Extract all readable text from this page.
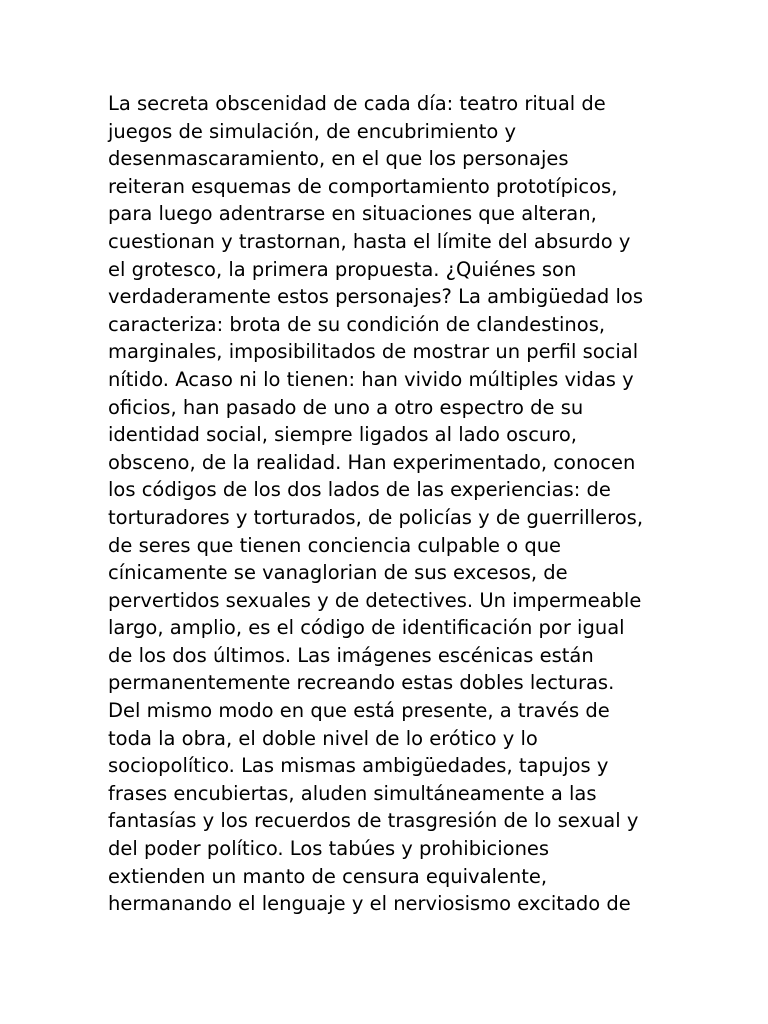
La secreta obscenidad de cada día: teatro ritual de
juegos de simulación, de encubrimiento y
desenmascaramiento, en el que los personajes
reiteran esquemas de comportamiento prototípicos,
para luego adentrarse en situaciones que alteran,
cuestionan y trastornan, hasta el límite del absurdo y
el grotesco, la primera propuesta. ¿Quiénes son
verdaderamente estos personajes? La ambigüedad los
caracteriza: brota de su condición de clandestinos,
marginales, imposibilitados de mostrar un perfil social
nítido. Acaso ni lo tienen: han vivido múltiples vidas y
oficios, han pasado de uno a otro espectro de su
identidad social, siempre ligados al lado oscuro,
obsceno, de la realidad. Han experimentado, conocen
los códigos de los dos lados de las experiencias: de
torturadores y torturados, de policías y de guerrilleros,
de seres que tienen conciencia culpable o que
cínicamente se vanaglorian de sus excesos, de
pervertidos sexuales y de detectives. Un impermeable
largo, amplio, es el código de identificación por igual
de los dos últimos. Las imágenes escénicas están
permanentemente recreando estas dobles lecturas.
Del mismo modo en que está presente, a través de
toda la obra, el doble nivel de lo erótico y lo
sociopolítico. Las mismas ambigüedades, tapujos y
frases encubiertas, aluden simultáneamente a las
fantasías y los recuerdos de trasgresión de lo sexual y
del poder político. Los tabúes y prohibiciones
extienden un manto de censura equivalente,
hermanando el lenguaje y el nerviosismo excitado de
